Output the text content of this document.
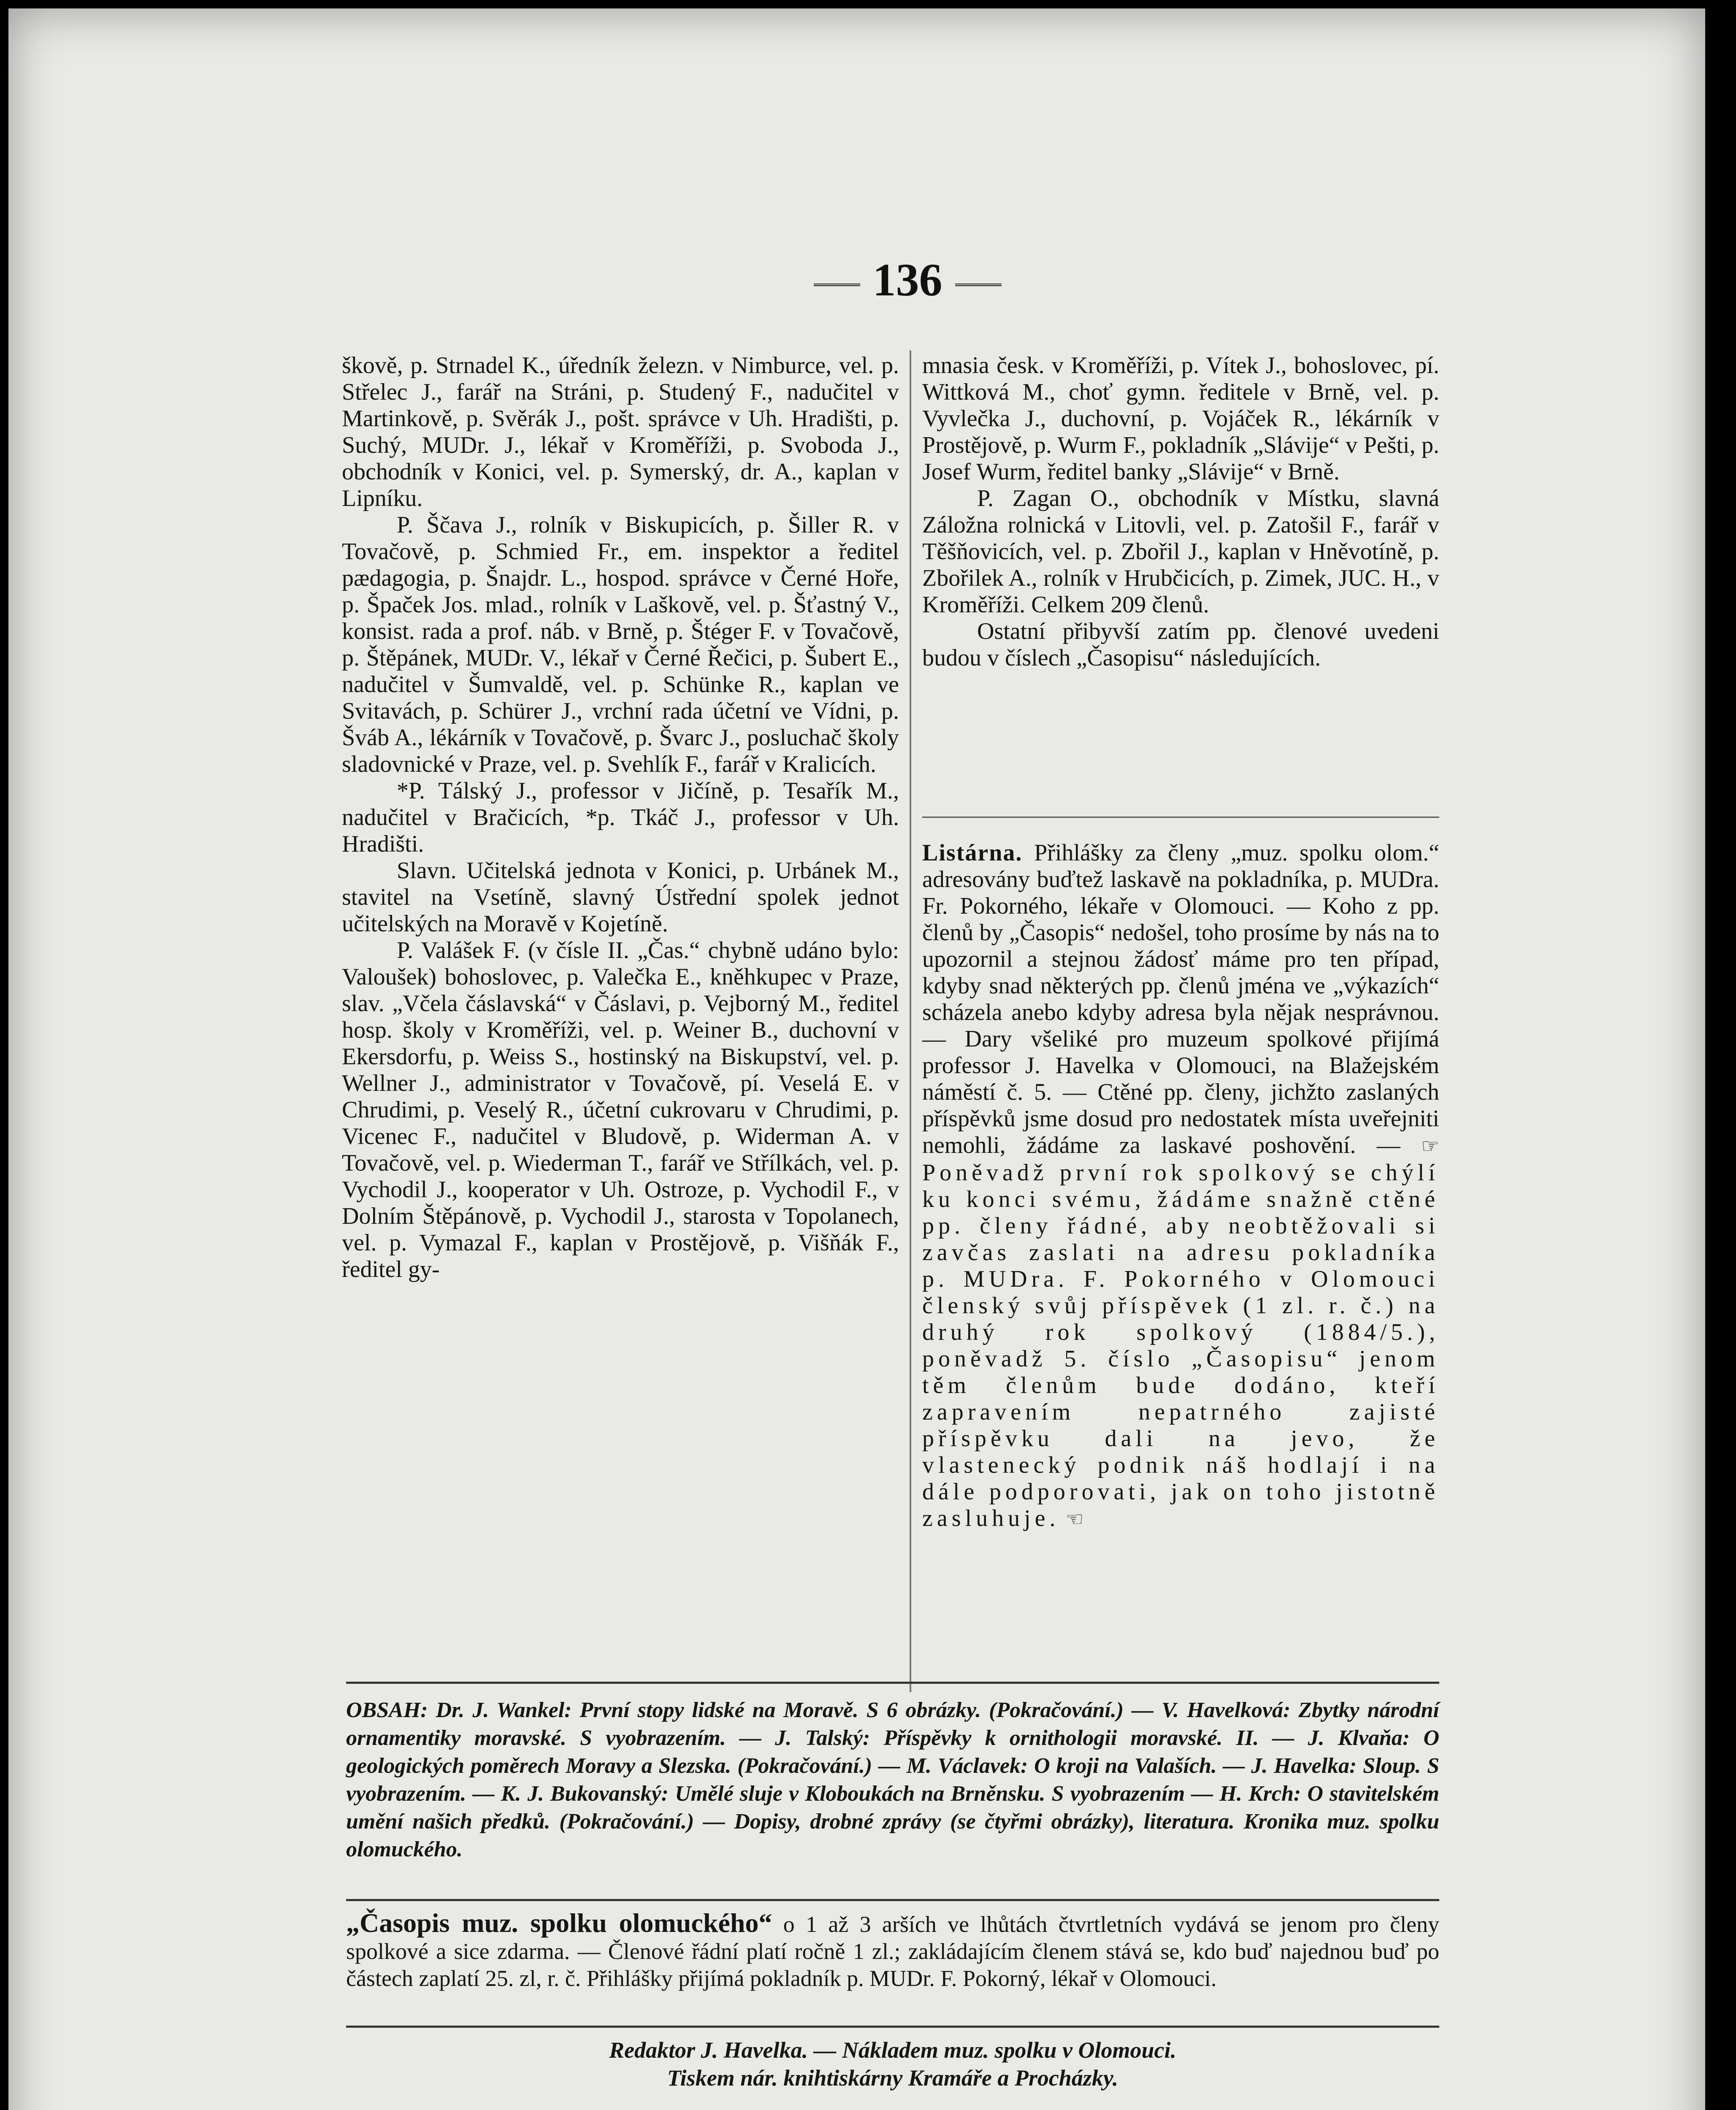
136

škově, p. Strnadel K., úředník železn. v Nimburce, vel. p. Střelec J., farář na Stráni, p. Studený F., nadučitel v Martinkově, p. Svěrák J., pošt. správce v Uh. Hradišti, p. Suchý, MUDr. J., lékař v Kroměříži, p. Svoboda J., obchodník v Konici, vel. p. Symerský, dr. A., kaplan v Lipníku.

P. Ščava J., rolník v Biskupicích, p. Šiller R. v Tovačově, p. Schmied Fr., em. inspektor a ředitel pædagogia, p. Šnajdr. L., hospod. správce v Černé Hoře, p. Špaček Jos. mlad., rolník v Laškově, vel. p. Šťastný V., konsist. rada a prof. náb. v Brně, p. Štéger F. v Tovačově, p. Štěpánek, MUDr. V., lékař v Černé Řečici, p. Šubert E., nadučitel v Šumvaldě, vel. p. Schünke R., kaplan ve Svitavách, p. Schürer J., vrchní rada účetní ve Vídni, p. Šváb A., lékárník v Tovačově, p. Švarc J., posluchač školy sladovnické v Praze, vel. p. Svehlík F., farář v Kralicích.

*P. Tálský J., professor v Jičíně, p. Tesařík M., nadučitel v Bračicích, *p. Tkáč J., professor v Uh. Hradišti.

Slavn. Učitelská jednota v Konici, p. Urbánek M., stavitel na Vsetíně, slavný Ústřední spolek jednot učitelských na Moravě v Kojetíně.

P. Valášek F. (v čísle II. „Čas.“ chybně udáno bylo: Valoušek) bohoslovec, p. Valečka E., kněhkupec v Praze, slav. „Včela čáslavská“ v Čáslavi, p. Vejborný M., ředitel hosp. školy v Kroměříži, vel. p. Weiner B., duchovní v Ekersdorfu, p. Weiss S., hostinský na Biskupství, vel. p. Wellner J., administrator v Tovačově, pí. Veselá E. v Chrudimi, p. Veselý R., účetní cukrovaru v Chrudimi, p. Vicenec F., nadučitel v Bludově, p. Widerman A. v Tovačově, vel. p. Wiederman T., farář ve Střílkách, vel. p. Vychodil J., kooperator v Uh. Ostroze, p. Vychodil F., v Dolním Štěpánově, p. Vychodil J., starosta v Topolanech, vel. p. Vymazal F., kaplan v Prostějově, p. Višňák F., ředitel gy-

mnasia česk. v Kroměříži, p. Vítek J., bohoslovec, pí. Wittková M., choť gymn. ředitele v Brně, vel. p. Vyvlečka J., duchovní, p. Vojáček R., lékárník v Prostějově, p. Wurm F., pokladník „Slávije“ v Pešti, p. Josef Wurm, ředitel banky „Slávije“ v Brně.

P. Zagan O., obchodník v Místku, slavná Záložna rolnická v Litovli, vel. p. Zatošil F., farář v Těšňovicích, vel. p. Zbořil J., kaplan v Hněvotíně, p. Zbořilek A., rolník v Hrubčicích, p. Zimek, JUC. H., v Kroměříži. Celkem 209 členů.

Ostatní přibyvší zatím pp. členové uvedeni budou v číslech „Časopisu“ následujících.

Listárna. Přihlášky za členy „muz. spolku olom.“ adresovány buďtež laskavě na pokladníka, p. MUDra. Fr. Pokorného, lékaře v Olomouci. — Koho z pp. členů by „Časopis“ nedošel, toho prosíme by nás na to upozornil a stejnou žádosť máme pro ten případ, kdyby snad některých pp. členů jména ve „výkazích“ scházela anebo kdyby adresa byla nějak nesprávnou. — Dary všeliké pro muzeum spolkové přijímá professor J. Havelka v Olomouci, na Blažejském náměstí č. 5. — Ctěné pp. členy, jichžto zaslaných příspěvků jsme dosud pro nedostatek místa uveřejniti nemohli, žádáme za laskavé poshovění. — ☞ Poněvadž první rok spolkový se chýlí ku konci svému, žádáme snažně ctěné pp. členy řádné, aby neobtěžovali si zavčas zaslati na adresu pokladníka p. MUDra. F. Pokorného v Olomouci členský svůj příspěvek (1 zl. r. č.) na druhý rok spolkový (1884/5.), poněvadž 5. číslo „Časopisu“ jenom těm členům bude dodáno, kteří zapravením nepatrného zajisté příspěvku dali na jevo, že vlastenecký podnik náš hodlají i na dále podporovati, jak on toho jistotně zasluhuje. ☜
OBSAH: Dr. J. Wankel: První stopy lidské na Moravě. S 6 obrázky. (Pokračování.) — V. Havelková: Zbytky národní ornamentiky moravské. S vyobrazením. — J. Talský: Příspěvky k ornithologii moravské. II. — J. Klvaňa: O geologických poměrech Moravy a Slezska. (Pokračování.) — M. Václavek: O kroji na Valaších. — J. Havelka: Sloup. S vyobrazením. — K. J. Bukovanský: Umělé sluje v Kloboukách na Brněnsku. S vyobrazením — H. Krch: O stavitelském umění našich předků. (Pokračování.) — Dopisy, drobné zprávy (se čtyřmi obrázky), literatura. Kronika muz. spolku olomuckého.
„Časopis muz. spolku olomuckého“ o 1 až 3 arších ve lhůtách čtvrtletních vydává se jenom pro členy spolkové a sice zdarma. — Členové řádní platí ročně 1 zl.; zakládajícím členem stává se, kdo buď najednou buď po částech zaplatí 25. zl, r. č. Přihlášky přijímá pokladník p. MUDr. F. Pokorný, lékař v Olomouci.
Redaktor J. Havelka. — Nákladem muz. spolku v Olomouci.
Tiskem nár. knihtiskárny Kramáře a Procházky.
